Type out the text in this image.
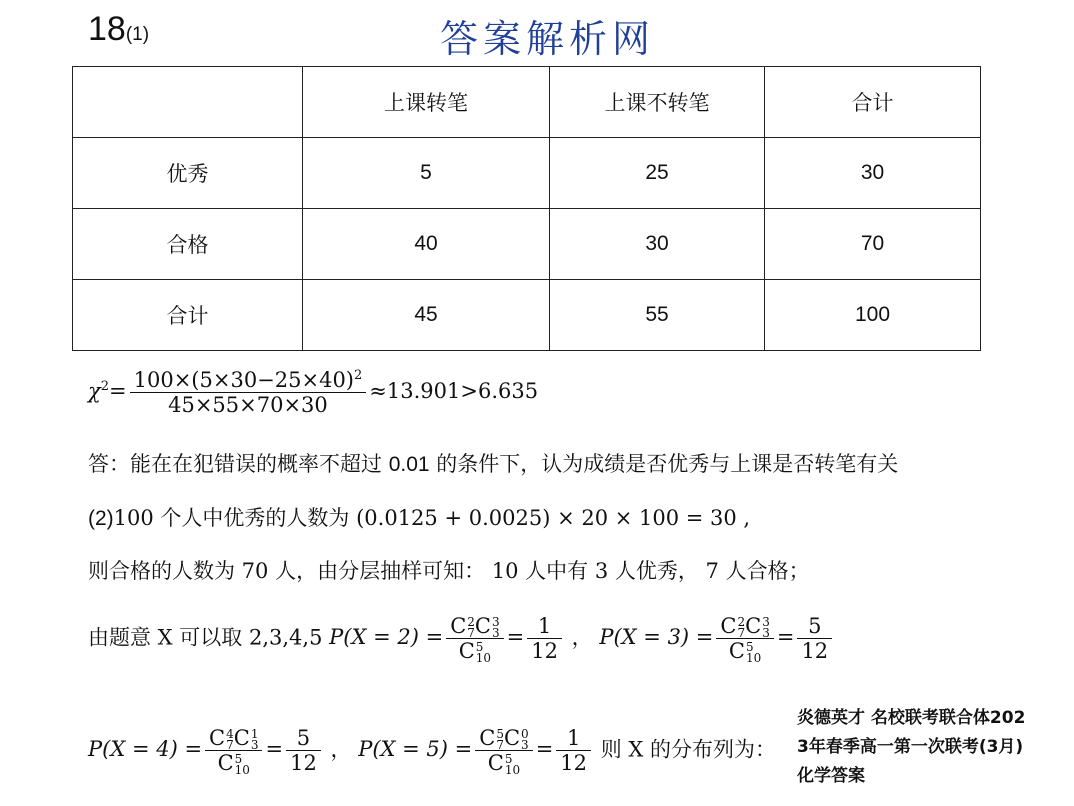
18(1)	答案解析网
	上课转笔	上课不转笔	合计
优秀	5	25	30
合格	40	30	70
合计	45	55	100
$\chi^2= \frac{100\times(5\times 30-25\times 40)^2}{45\times 55\times 70\times 30} \approx 13.901>6.635$
答：能在在犯错误的概率不超过 0.01 的条件下，认为成绩是否优秀与上课是否转笔有关
(2)100 个人中优秀的人数为 (0.0125 + 0.0025) × 20 × 100 = 30 ,
则合格的人数为 70 人，由分层抽样可知： 10 人中有 3 人优秀， 7 人合格；
由题意 X 可以取 2,3,4,5 P(X = 2) = C 2
7 C 3
3
C 5
$10 = \frac{1}{12}$ ， P(X = 3) = C 2
7 C 3
3
C 5
$10 = \frac{5}{12}$
P(X = 4) = C 4
7 C 1
3
C 5
$10 = \frac{5}{12}$ ， P(X = 5) = C 5
7 C 0
3
C 5
$10 = \frac{1}{12}$ 则 X 的分布列为：
炎德英才 名校联考联合体202
3年春季高一第一次联考(3月)
化学答案
